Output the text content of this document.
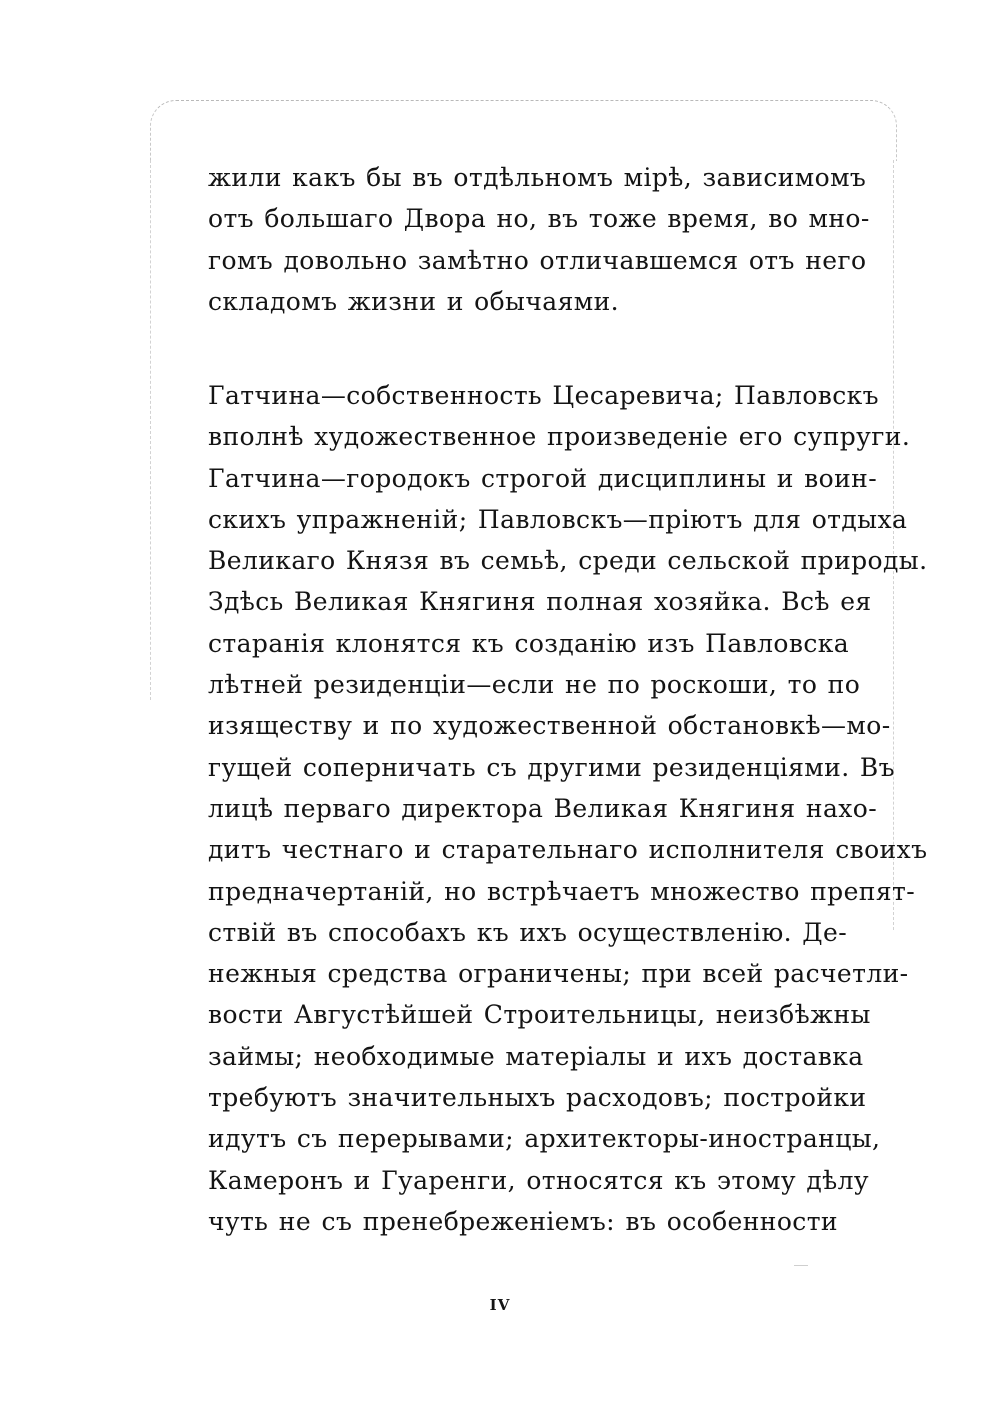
жили какъ бы въ отдѣльномъ мірѣ, зависимомъ
отъ большаго Двора но, въ тоже время, во мно-
гомъ довольно замѣтно отличавшемся отъ него
складомъ жизни и обычаями.
Гатчина—собственность Цесаревича; Павловскъ
вполнѣ художественное произведеніе его супруги.
Гатчина—городокъ строгой дисциплины и воин-
скихъ упражненій; Павловскъ—пріютъ для отдыха
Великаго Князя въ семьѣ, среди сельской природы.
Здѣсь Великая Княгиня полная хозяйка. Всѣ ея
старанія клонятся къ созданію изъ Павловска
лѣтней резиденціи—если не по роскоши, то по
изяществу и по художественной обстановкѣ—мо-
гущей соперничать съ другими резиденціями. Въ
лицѣ перваго директора Великая Княгиня нахо-
дитъ честнаго и старательнаго исполнителя своихъ
предначертаній, но встрѣчаетъ множество препят-
ствій въ способахъ къ ихъ осуществленію. Де-
нежныя средства ограничены; при всей расчетли-
вости Августѣйшей Строительницы, неизбѣжны
займы; необходимые матеріалы и ихъ доставка
требуютъ значительныхъ расходовъ; постройки
идутъ съ перерывами; архитекторы-иностранцы,
Камеронъ и Гуаренги, относятся къ этому дѣлу
чуть не съ пренебреженіемъ: въ особенности
IV
